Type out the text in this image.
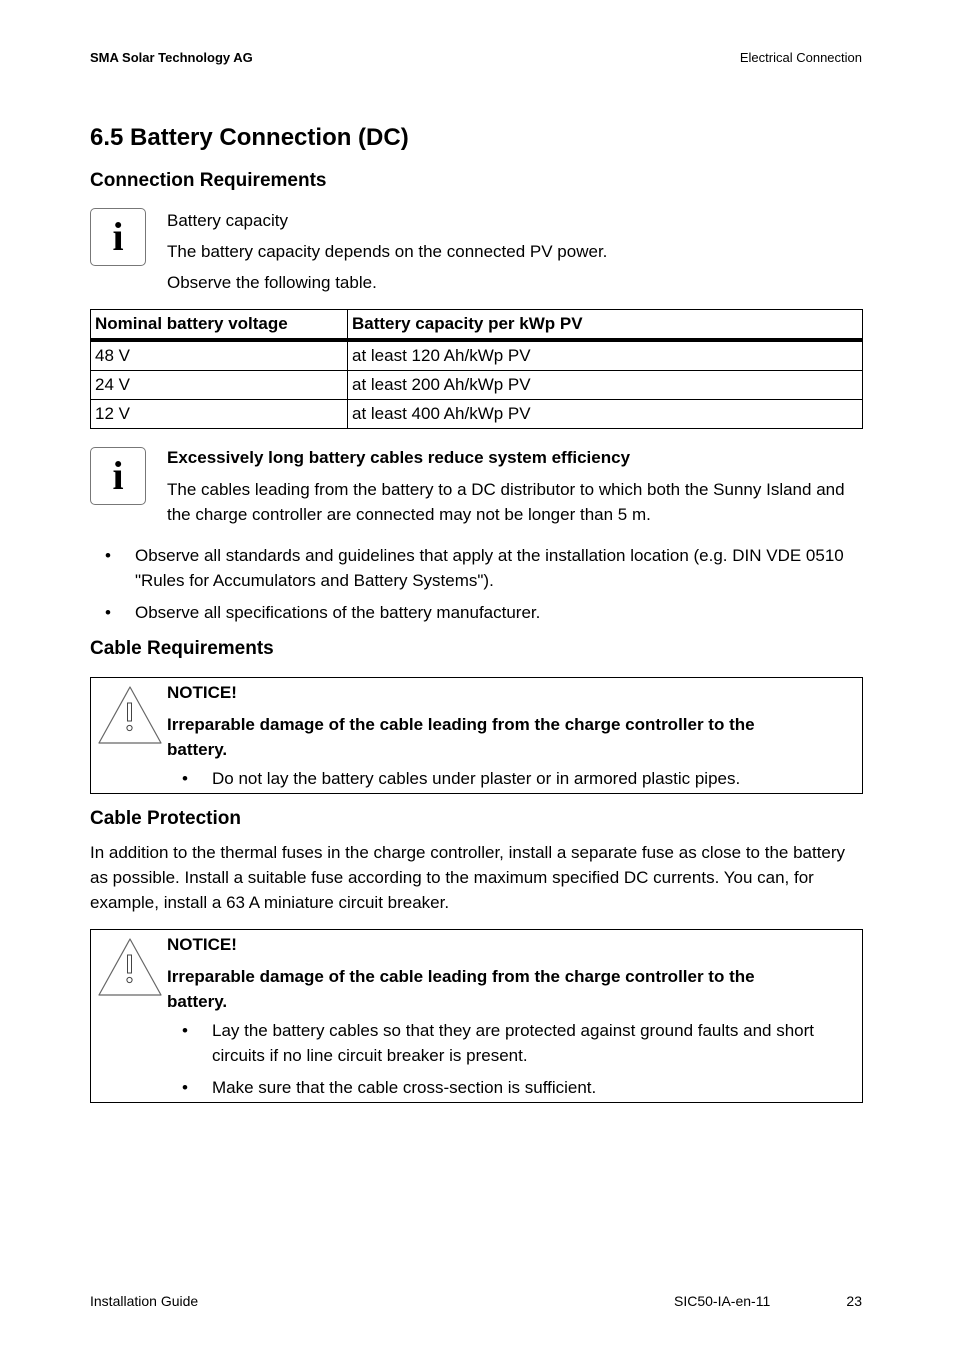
SMA Solar Technology AG	Electrical Connection
6.5 Battery Connection (DC)
Connection Requirements
i	Battery capacity
The battery capacity depends on the connected PV power.
Observe the following table.
Nominal battery voltage	Battery capacity per kWp PV
48 V	at least 120 Ah/kWp PV
24 V	at least 200 Ah/kWp PV
12 V	at least 400 Ah/kWp PV
i	Excessively long battery cables reduce system efficiency
The cables leading from the battery to a DC distributor to which both the Sunny Island and
the charge controller are connected may not be longer than 5 m.
• Observe all standards and guidelines that apply at the installation location (e.g. DIN VDE 0510
"Rules for Accumulators and Battery Systems").
• Observe all specifications of the battery manufacturer.
Cable Requirements
NOTICE!
Irreparable damage of the cable leading from the charge controller to the
battery.
• Do not lay the battery cables under plaster or in armored plastic pipes.
Cable Protection
In addition to the thermal fuses in the charge controller, install a separate fuse as close to the battery
as possible. Install a suitable fuse according to the maximum specified DC currents. You can, for
example, install a 63 A miniature circuit breaker.
NOTICE!
Irreparable damage of the cable leading from the charge controller to the
battery.
• Lay the battery cables so that they are protected against ground faults and short
circuits if no line circuit breaker is present.
• Make sure that the cable cross-section is sufficient.
Installation Guide	SIC50-IA-en-11	23
